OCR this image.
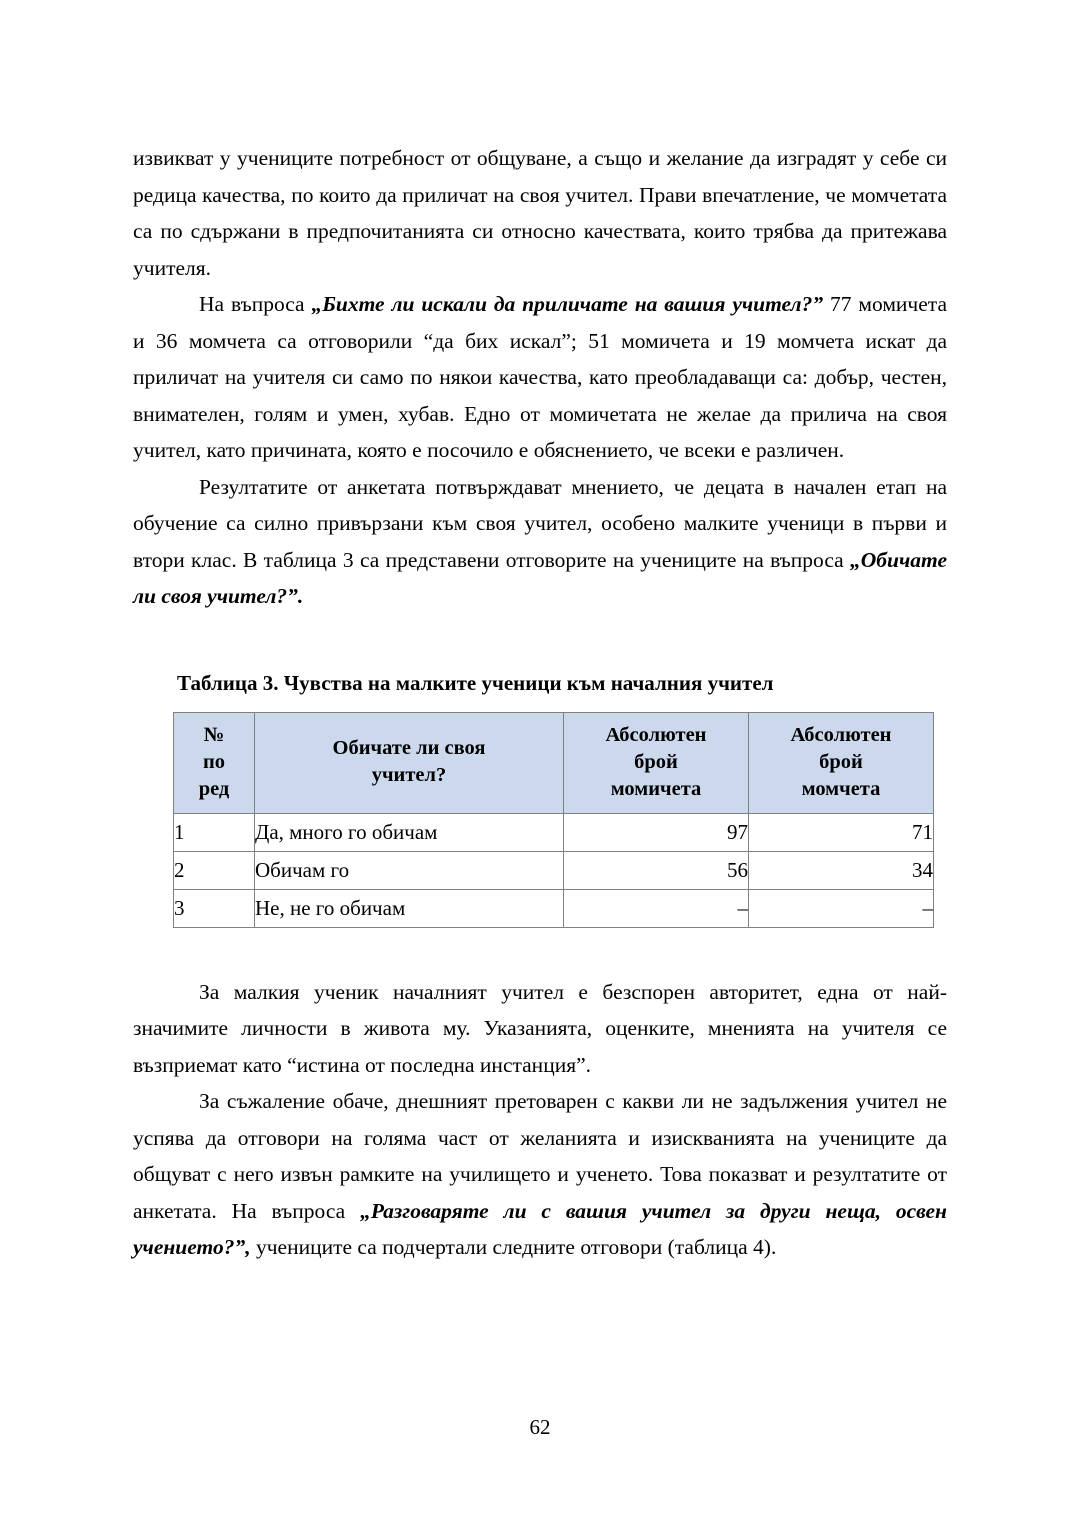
извикват у учениците потребност от общуване, а също и желание да изградят у себе си редица качества, по които да приличат на своя учител. Прави впечатление, че момчетата са по сдържани в предпочитанията си относно качествата, които трябва да притежава учителя.

На въпроса „Бихте ли искали да приличате на вашия учител?” 77 момичета и 36 момчета са отговорили “да бих искал”; 51 момичета и 19 момчета искат да приличат на учителя си само по някои качества, като преобладаващи са: добър, честен, внимателен, голям и умен, хубав. Едно от момичетата не желае да прилича на своя учител, като причината, която е посочило е обяснението, че всеки е различен.

Резултатите от анкетата потвърждават мнението, че децата в начален етап на обучение са силно привързани към своя учител, особено малките ученици в първи и втори клас. В таблица 3 са представени отговорите на учениците на въпроса „Обичате ли своя учител?”.

Таблица 3. Чувства на малките ученици към началния учител
№
по
ред

Обичате ли своя
учител?

Абсолютен
брой
момичета

Абсолютен
брой
момчета

1	Да, много го обичам	97	71
2	Обичам го	56	34
3	Не, не го обичам	–	–

За малкия ученик началният учител е безспорен авторитет, една от най-значимите личности в живота му. Указанията, оценките, мненията на учителя се възприемат като “истина от последна инстанция”.

За съжаление обаче, днешният претоварен с какви ли не задължения учител не успява да отговори на голяма част от желанията и изискванията на учениците да общуват с него извън рамките на училището и ученето. Това показват и резултатите от анкетата. На въпроса „Разговаряте ли с вашия учител за други неща, освен учението?”, учениците са подчертали следните отговори (таблица 4).

62
